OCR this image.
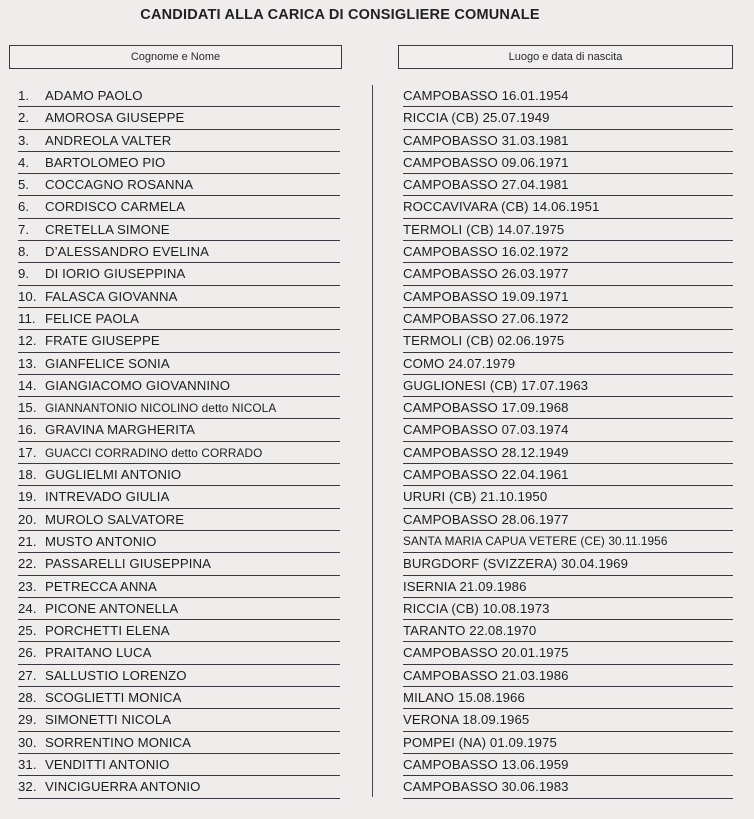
CANDIDATI ALLA CARICA DI CONSIGLIERE COMUNALE
Cognome e Nome	Luogo e data di nascita
1. ADAMO PAOLO	CAMPOBASSO 16.01.1954
2. AMOROSA GIUSEPPE	RICCIA (CB) 25.07.1949
3. ANDREOLA VALTER	CAMPOBASSO 31.03.1981
4. BARTOLOMEO PIO	CAMPOBASSO 09.06.1971
5. COCCAGNO ROSANNA	CAMPOBASSO 27.04.1981
6. CORDISCO CARMELA	ROCCAVIVARA (CB) 14.06.1951
7. CRETELLA SIMONE	TERMOLI (CB) 14.07.1975
8. D’ALESSANDRO EVELINA	CAMPOBASSO 16.02.1972
9. DI IORIO GIUSEPPINA	CAMPOBASSO 26.03.1977
10. FALASCA GIOVANNA	CAMPOBASSO 19.09.1971
11. FELICE PAOLA	CAMPOBASSO 27.06.1972
12. FRATE GIUSEPPE	TERMOLI (CB) 02.06.1975
13. GIANFELICE SONIA	COMO 24.07.1979
14. GIANGIACOMO GIOVANNINO	GUGLIONESI (CB) 17.07.1963
15. GIANNANTONIO NICOLINO detto NICOLA	CAMPOBASSO 17.09.1968
16. GRAVINA MARGHERITA	CAMPOBASSO 07.03.1974
17. GUACCI CORRADINO detto CORRADO	CAMPOBASSO 28.12.1949
18. GUGLIELMI ANTONIO	CAMPOBASSO 22.04.1961
19. INTREVADO GIULIA	URURI (CB) 21.10.1950
20. MUROLO SALVATORE	CAMPOBASSO 28.06.1977
21. MUSTO ANTONIO	SANTA MARIA CAPUA VETERE (CE) 30.11.1956
22. PASSARELLI GIUSEPPINA	BURGDORF (SVIZZERA) 30.04.1969
23. PETRECCA ANNA	ISERNIA 21.09.1986
24. PICONE ANTONELLA	RICCIA (CB) 10.08.1973
25. PORCHETTI ELENA	TARANTO 22.08.1970
26. PRAITANO LUCA	CAMPOBASSO 20.01.1975
27. SALLUSTIO LORENZO	CAMPOBASSO 21.03.1986
28. SCOGLIETTI MONICA	MILANO 15.08.1966
29. SIMONETTI NICOLA	VERONA 18.09.1965
30. SORRENTINO MONICA	POMPEI (NA) 01.09.1975
31. VENDITTI ANTONIO	CAMPOBASSO 13.06.1959
32. VINCIGUERRA ANTONIO	CAMPOBASSO 30.06.1983
